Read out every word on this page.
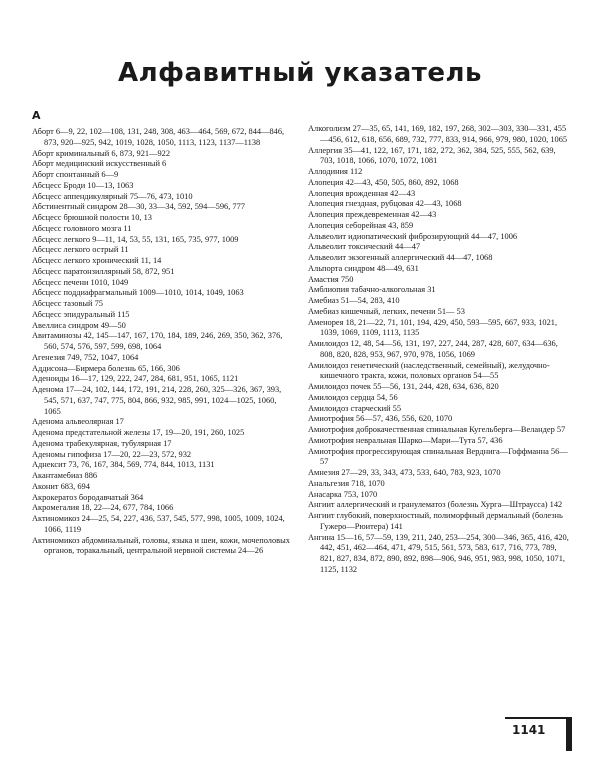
Алфавитный указатель
А

Аборт 6—9, 22, 102—108, 131, 248, 308, 463—464, 569, 672, 844—846, 873, 920—925, 942, 1019, 1028, 1050, 1113, 1123, 1137—1138

Аборт криминальный 6, 873, 921—922

Аборт медицинский искусственный 6

Аборт спонтанный 6—9

Абсцесс Броди 10—13, 1063

Абсцесс аппендикулярный 75—76, 473, 1010

Абстинентный синдром 28—30, 33—34, 592, 594—596, 777

Абсцесс брюшной полости 10, 13

Абсцесс головного мозга 11

Абсцесс легкого 9—11, 14, 53, 55, 131, 165, 735, 977, 1009

Абсцесс легкого острый 11

Абсцесс легкого хронический 11, 14

Абсцесс паратонзиллярный 58, 872, 951

Абсцесс печени 1010, 1049

Абсцесс поддиафрагмальный 1009—1010, 1014, 1049, 1063

Абсцесс тазовый 75

Абсцесс эпидуральный 115

Авеллиса синдром 49—50

Авитаминозы 42, 145—147, 167, 170, 184, 189, 246, 269, 350, 362, 376, 560, 574, 576, 597, 599, 698, 1064

Агенезия 749, 752, 1047, 1064

Аддисона—Бирмера болезнь 65, 166, 306

Аденоиды 16—17, 129, 222, 247, 284, 681, 951, 1065, 1121

Аденома 17—24, 102, 144, 172, 191, 214, 228, 260, 325—326, 367, 393, 545, 571, 637, 747, 775, 804, 866, 932, 985, 991, 1024—1025, 1060, 1065

Аденома альвеолярная 17

Аденома предстательной железы 17, 19—20, 191, 260, 1025

Аденома трабекулярная, тубулярная 17

Аденомы гипофиза 17—20, 22—23, 572, 932

Аднексит 73, 76, 167, 384, 569, 774, 844, 1013, 1131

Акантамебиаз 886

Аконит 683, 694

Акрокератоз бородавчатый 364

Акромегалия 18, 22—24, 677, 784, 1066

Актиномикоз 24—25, 54, 227, 436, 537, 545, 577, 998, 1005, 1009, 1024, 1066, 1119

Актиномикоз абдоминальный, головы, языка и шеи, кожи, мочеполовых органов, торакальный, центральной нервной системы 24—26

Алкоголизм 27—35, 65, 141, 169, 182, 197, 268, 302—303, 330—331, 455—456, 612, 618, 656, 689, 732, 777, 833, 914, 966, 979, 980, 1020, 1065

Аллергия 35—41, 122, 167, 171, 182, 272, 362, 384, 525, 555, 562, 639, 703, 1018, 1066, 1070, 1072, 1081

Аллодиния 112

Алопеция 42—43, 450, 505, 860, 892, 1068

Алопеция врожденная 42—43

Алопеция гнездная, рубцовая 42—43, 1068

Алопеция преждевременная 42—43

Алопеция себорейная 43, 859

Альвеолит идиопатический фиброзирующий 44—47, 1006

Альвеолит токсический 44—47

Альвеолит экзогенный аллергический 44—47, 1068

Альпорта синдром 48—49, 631

Амастия 750

Амблиопия табачно-алкогольная 31

Амебиаз 51—54, 283, 410

Амебиаз кишечный, легких, печени 51— 53

Аменорея 18, 21—22, 71, 101, 194, 429, 450, 593—595, 667, 933, 1021, 1039, 1069, 1109, 1113, 1135

Амилоидоз 12, 48, 54—56, 131, 197, 227, 244, 287, 428, 607, 634—636, 808, 820, 828, 953, 967, 970, 978, 1056, 1069

Амилоидоз генетический (наследственный, семейный), желудочно-кишечного тракта, кожи, половых органов 54—55

Амилоидоз почек 55—56, 131, 244, 428, 634, 636, 820

Амилоидоз сердца 54, 56

Амилоидоз старческий 55

Амиотрофия 56—57, 436, 556, 620, 1070

Амиотрофия доброкачественная спинальная Кугельберга—Веландер 57

Амиотрофия невральная Шарко—Мари—Тута 57, 436

Амиотрофия прогрессирующая спинальная Верднига—Гоффманна 56—57

Амнезия 27—29, 33, 343, 473, 533, 640, 783, 923, 1070

Анальгезия 718, 1070

Анасарка 753, 1070

Ангиит аллергический и гранулематоз (болезнь Хурга—Штраусса) 142

Ангиит глубокий, поверхностный, полиморфный дермальный (болезнь Гужеро—Рюитера) 141

Ангина 15—16, 57—59, 139, 211, 240, 253—254, 300—346, 365, 416, 420, 442, 451, 462—464, 471, 479, 515, 561, 573, 583, 617, 716, 773, 789, 821, 827, 834, 872, 890, 892, 898—906, 946, 951, 983, 998, 1050, 1071, 1125, 1132

1141
